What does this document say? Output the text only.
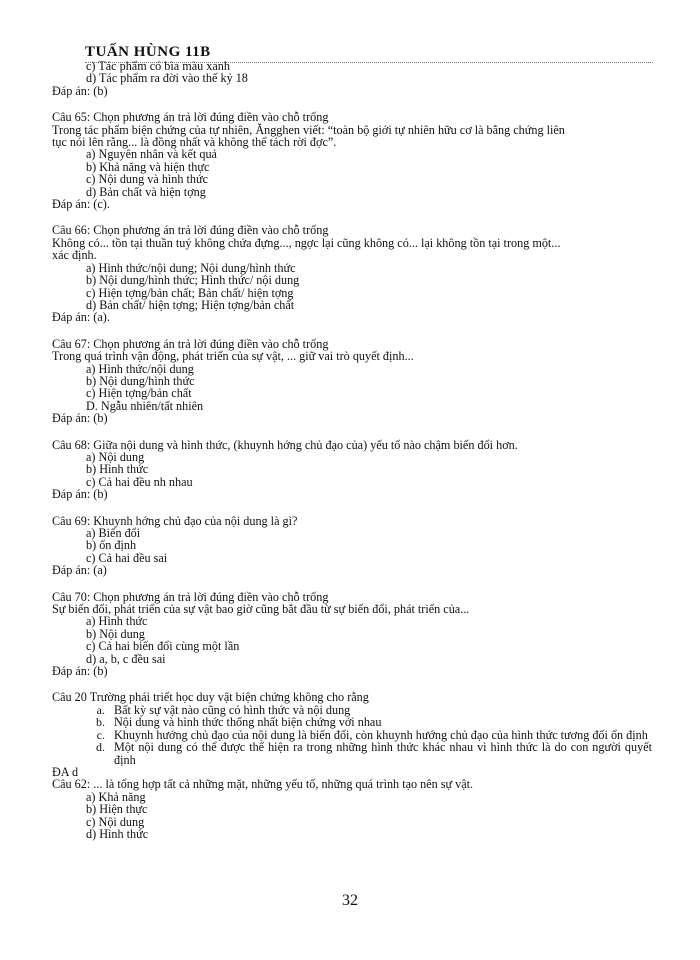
TUẤN HÙNG 11B
c) Tác phẩm có bìa màu xanh
d) Tác phẩm ra đời vào thế kỷ 18
Đáp án: (b)
Câu 65: Chọn phương án trả lời đúng điền vào chỗ trống
Trong tác phẩm biện chứng của tự nhiên, Ăngghen viết: “toàn bộ giới tự nhiên hữu cơ là bằng chứng liên
tục nói lên rằng... là đồng nhất và không thể tách rời đợc”.
a) Nguyên nhân và kết quả
b) Khả năng và hiện thực
c) Nội dung và hình thức
d) Bản chất và hiện tợng
Đáp án: (c).
Câu 66: Chọn phương án trả lời đúng điền vào chỗ trống
Không có... tồn tại thuần tuý không chứa đựng..., ngợc lại cũng không có... lại không tồn tại trong một...
xác định.
a) Hình thức/nội dung; Nội dung/hình thức
b) Nội dung/hình thức; Hình thức/ nội dung
c) Hiện tợng/bản chất; Bản chất/ hiện tợng
d) Bản chất/ hiện tợng; Hiện tợng/bản chất
Đáp án: (a).
Câu 67: Chọn phương án trả lời đúng điền vào chỗ trống
Trong quá trình vận động, phát triển của sự vật, ... giữ vai trò quyết định...
a) Hình thức/nội dung
b) Nội dung/hình thức
c) Hiện tợng/bản chất
D. Ngẫu nhiên/tất nhiên
Đáp án: (b)
Câu 68: Giữa nội dung và hình thức, (khuynh hớng chủ đạo của) yếu tố nào chậm biến đổi hơn.
a) Nội dung
b) Hình thức
c) Cả hai đều nh nhau
Đáp án: (b)
Câu 69: Khuynh hớng chủ đạo của nội dung là gì?
a) Biến đổi
b) ổn định
c) Cả hai đều sai
Đáp án: (a)
Câu 70: Chọn phương án trả lời đúng điền vào chỗ trống
Sự biến đổi, phát triển của sự vật bao giờ cũng bắt đầu từ sự biến đổi, phát triển của...
a) Hình thức
b) Nội dung
c) Cả hai biến đổi cùng một lần
d) a, b, c đều sai
Đáp án: (b)
Câu 20 Trường phái triết học duy vật biện chứng không cho rằng
a. Bất kỳ sự vật nào cũng có hình thức và nội dung
b. Nội dung và hình thức thống nhất biện chứng với nhau
c. Khuynh hướng chủ đạo của nội dung là biến đổi, còn khuynh hướng chủ đạo của hình thức tương đối ổn định
d. Một nội dung có thể được thể hiện ra trong những hình thức khác nhau vì hình thức là do con người quyết định
ĐA d
Câu 62: ... là tổng hợp tất cả những mặt, những yếu tố, những quá trình tạo nên sự vật.
a) Khả năng
b) Hiện thực
c) Nội dung
d) Hình thức
32
